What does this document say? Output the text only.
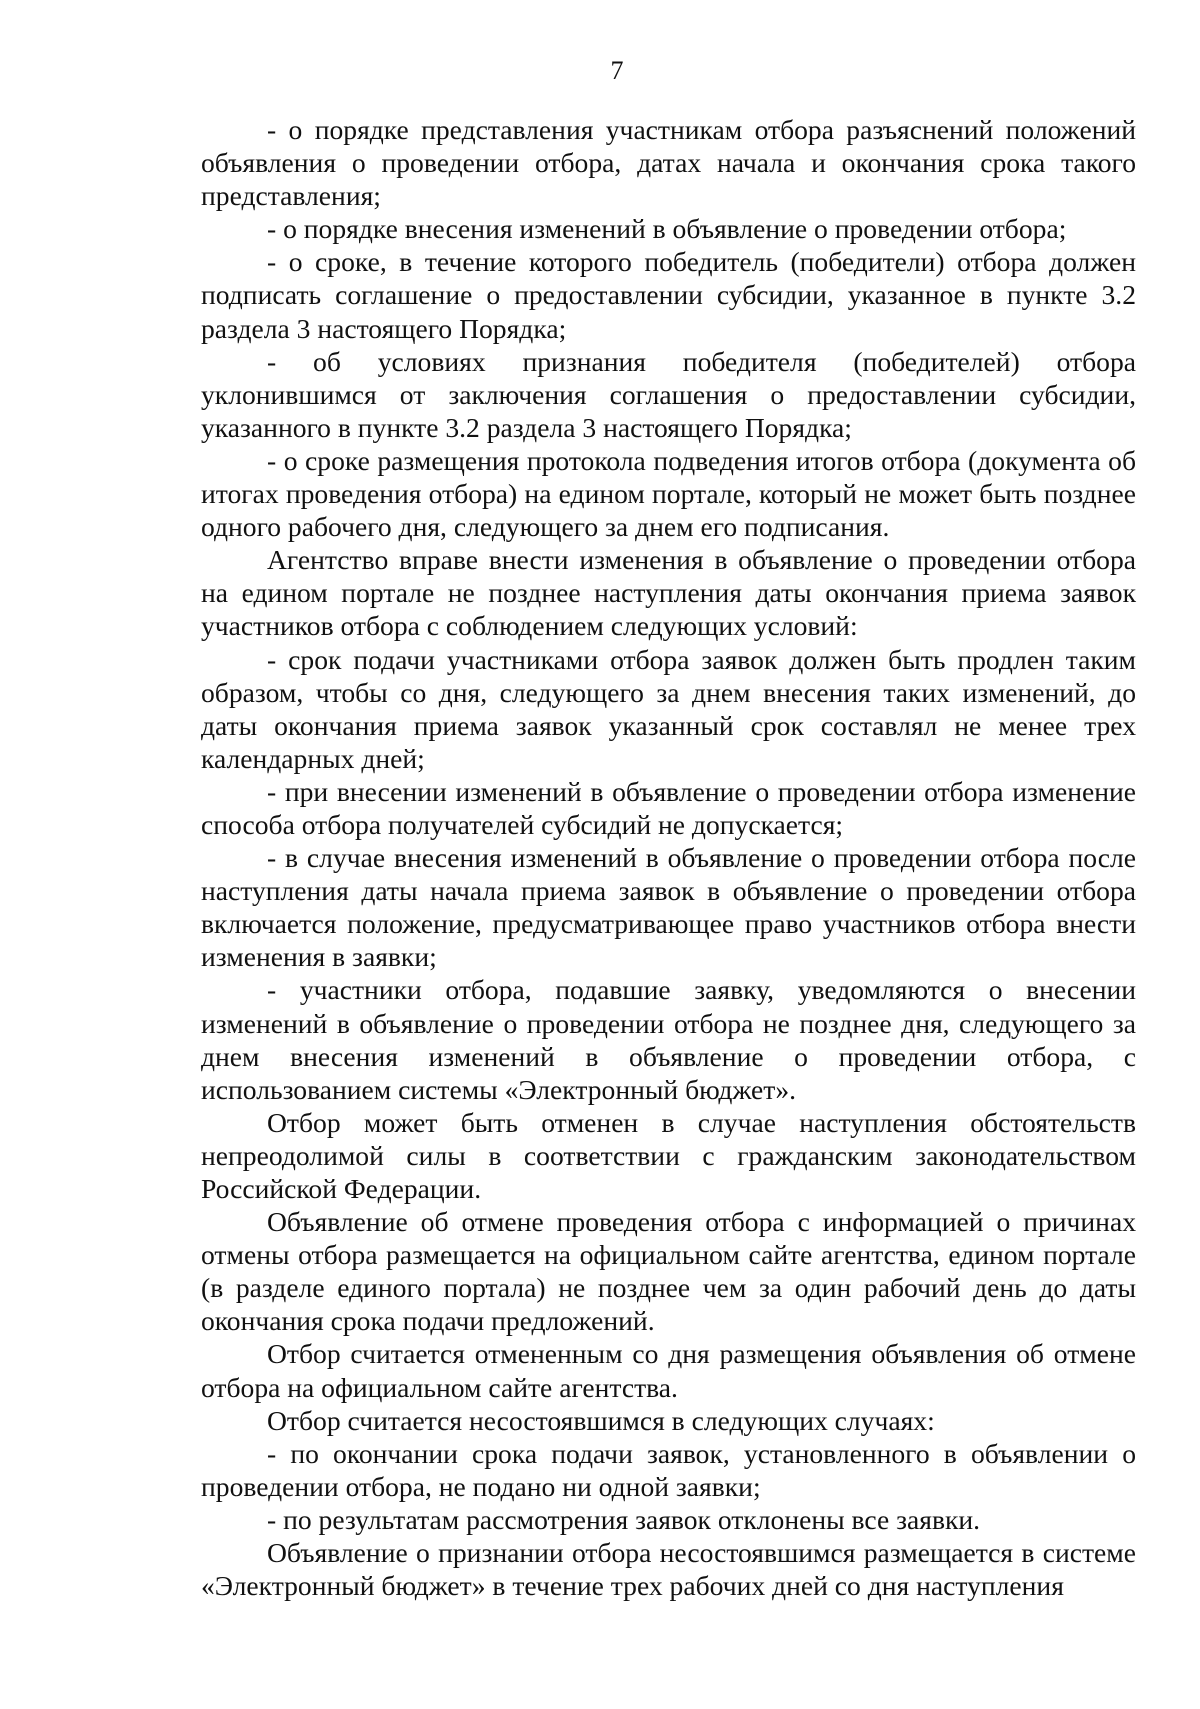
7

- о порядке представления участникам отбора разъяснений положений объявления о проведении отбора, датах начала и окончания срока такого представления;

- о порядке внесения изменений в объявление о проведении отбора;

- о сроке, в течение которого победитель (победители) отбора должен подписать соглашение о предоставлении субсидии, указанное в пункте 3.2 раздела 3 настоящего Порядка;

- об условиях признания победителя (победителей) отбора уклонившимся от заключения соглашения о предоставлении субсидии, указанного в пункте 3.2 раздела 3 настоящего Порядка;

- о сроке размещения протокола подведения итогов отбора (документа об итогах проведения отбора) на едином портале, который не может быть позднее одного рабочего дня, следующего за днем его подписания.

Агентство вправе внести изменения в объявление о проведении отбора на едином портале не позднее наступления даты окончания приема заявок участников отбора с соблюдением следующих условий:

- срок подачи участниками отбора заявок должен быть продлен таким образом, чтобы со дня, следующего за днем внесения таких изменений, до даты окончания приема заявок указанный срок составлял не менее трех календарных дней;

- при внесении изменений в объявление о проведении отбора изменение способа отбора получателей субсидий не допускается;

- в случае внесения изменений в объявление о проведении отбора после наступления даты начала приема заявок в объявление о проведении отбора включается положение, предусматривающее право участников отбора внести изменения в заявки;

- участники отбора, подавшие заявку, уведомляются о внесении изменений в объявление о проведении отбора не позднее дня, следующего за днем внесения изменений в объявление о проведении отбора, с использованием системы «Электронный бюджет».

Отбор может быть отменен в случае наступления обстоятельств непреодолимой силы в соответствии с гражданским законодательством Российской Федерации.

Объявление об отмене проведения отбора с информацией о причинах отмены отбора размещается на официальном сайте агентства, едином портале (в разделе единого портала) не позднее чем за один рабочий день до даты окончания срока подачи предложений.

Отбор считается отмененным со дня размещения объявления об отмене отбора на официальном сайте агентства.

Отбор считается несостоявшимся в следующих случаях:

- по окончании срока подачи заявок, установленного в объявлении о проведении отбора, не подано ни одной заявки;

- по результатам рассмотрения заявок отклонены все заявки.

Объявление о признании отбора несостоявшимся размещается в системе «Электронный бюджет» в течение трех рабочих дней со дня наступления
